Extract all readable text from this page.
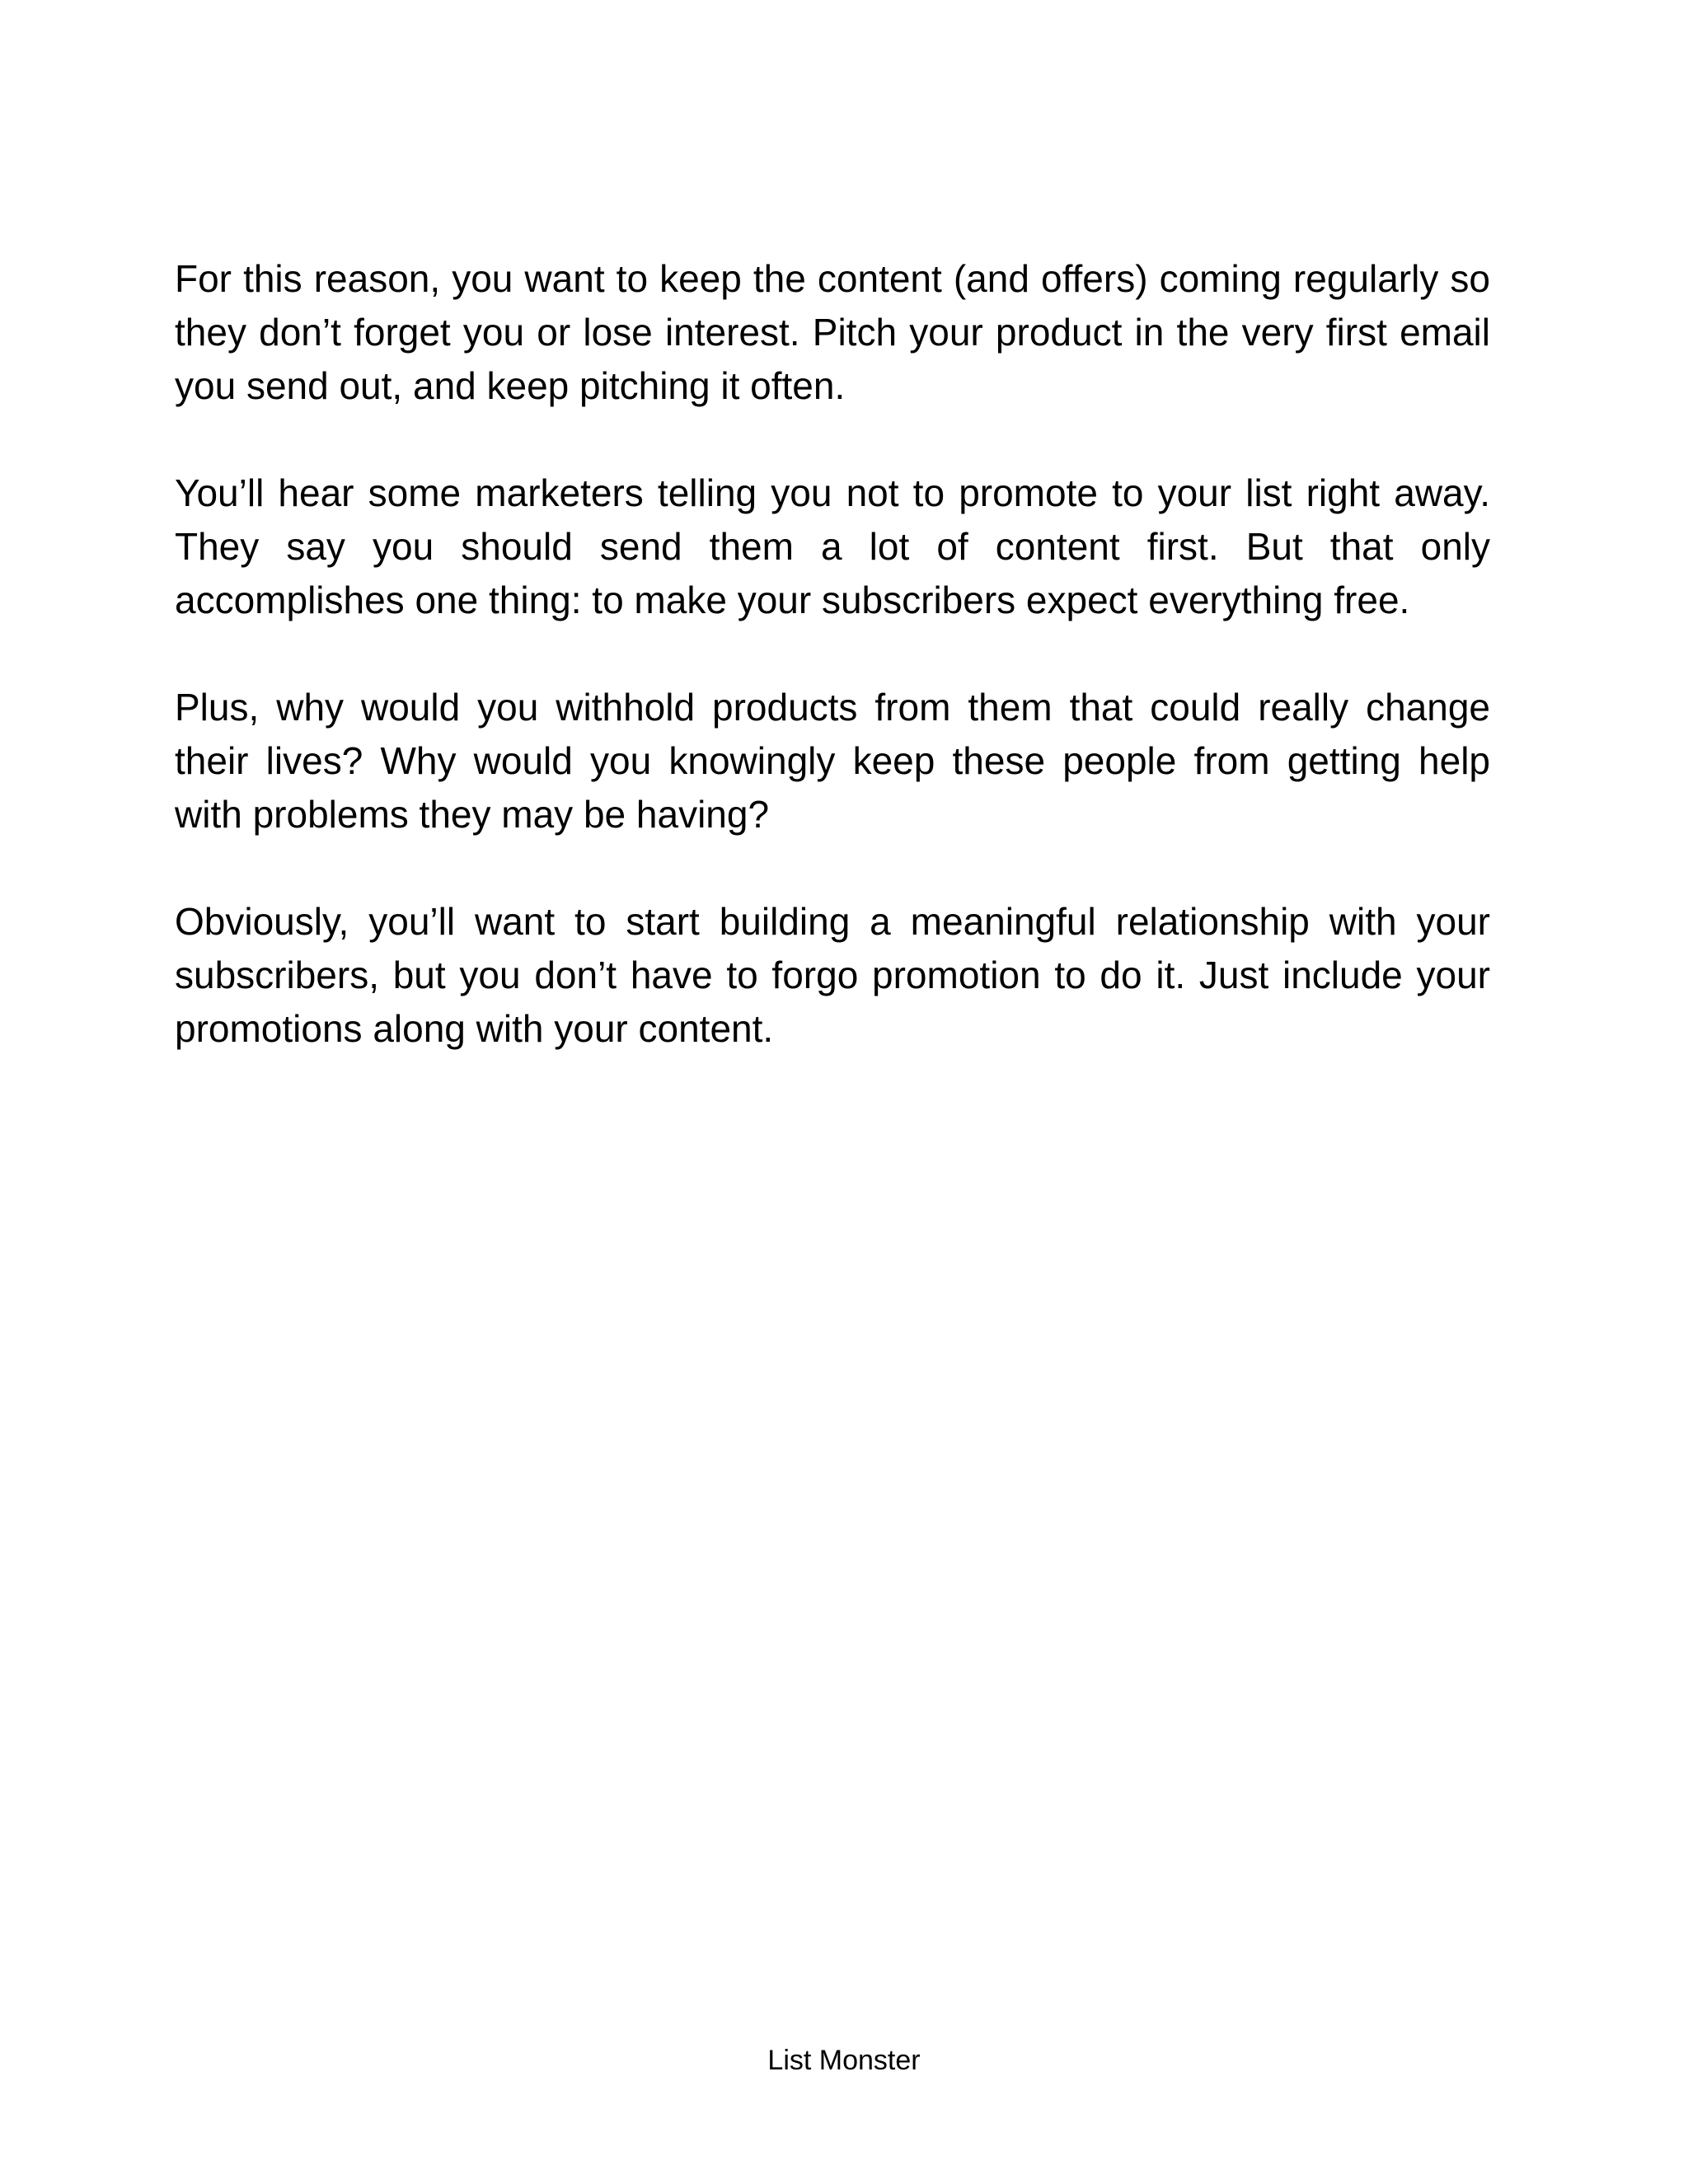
For this reason, you want to keep the content (and offers) coming regularly so they don’t forget you or lose interest. Pitch your product in the very first email you send out, and keep pitching it often.

You’ll hear some marketers telling you not to promote to your list right away. They say you should send them a lot of content first. But that only accomplishes one thing: to make your subscribers expect everything free.

Plus, why would you withhold products from them that could really change their lives? Why would you knowingly keep these people from getting help with problems they may be having?

Obviously, you’ll want to start building a meaningful relationship with your subscribers, but you don’t have to forgo promotion to do it. Just include your promotions along with your content.

List Monster
